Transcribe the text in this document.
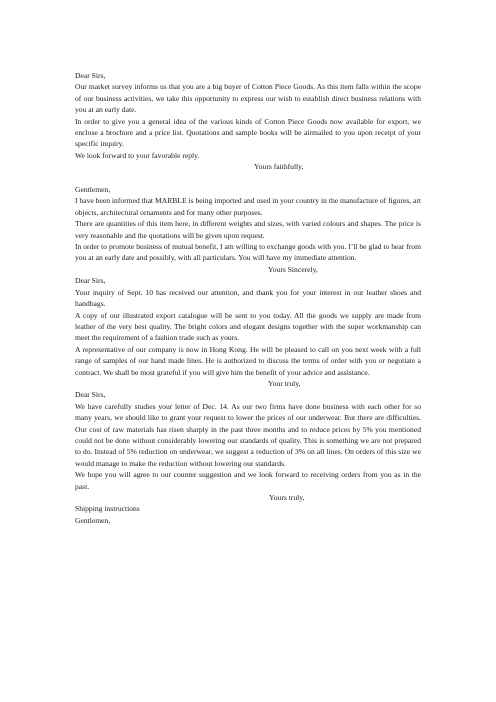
Dear Sirs,

Our market survey informs us that you are a big buyer of Cotton Piece Goods. As this item falls within the scope of our business activities, we take this opportunity to express our wish to establish direct business relations with you at an early date.

In order to give you a general idea of the various kinds of Cotton Piece Goods now available for export, we enclose a brochure and a price list. Quotations and sample books will be airmailed to you upon receipt of your specific inquiry.

We look forward to your favorable reply.

Yours faithfully,

Gentlemen,

I have been informed that MARBLE is being imported and used in your country in the manufacture of figures, art objects, architectural ornaments and for many other purposes.

There are quantities of this item here, in different weights and sizes, with varied colours and shapes. The price is very reasonable and the quotations will be given upon request.

In order to promote business of mutual benefit, I am willing to exchange goods with you. I’ll be glad to hear from you at an early date and possibly, with all particulars. You will have my immediate attention.

Yours Sincerely,

Dear Sirs,

Your inquiry of Sept. 10 has received our attention, and thank you for your interest in our leather shoes and handbags.

A copy of our illustrated export catalogue will be sent to you today. All the goods we supply are made from leather of the very best quality. The bright colors and elegant designs together with the super workmanship can meet the requirement of a fashion trade such as yours.

A representative of our company is now in Hong Kong. He will be pleased to call on you next week with a full range of samples of our hand made lines. He is authorized to discuss the terms of order with you or negotiate a contract. We shall be most grateful if you will give him the benefit of your advice and assistance.

Your truly,

Dear Sirs,

We have carefully studies your letter of Dec. 14. As our two firms have done business with each other for so many years, we should like to grant your request to lower the prices of our underwear. But there are difficulties. Our cost of raw materials has risen sharply in the past three months and to reduce prices by 5% you mentioned could not be done without considerably lowering our standards of quality. This is something we are not prepared to do. Instead of 5% reduction on underwear, we suggest a reduction of 3% on all lines. On orders of this size we would manage to make the reduction without lowering our standards.

We hope you will agree to our counter suggestion and we look forward to receiving orders from you as in the past.

Yours truly,

Shipping instructions

Gentlemen,
